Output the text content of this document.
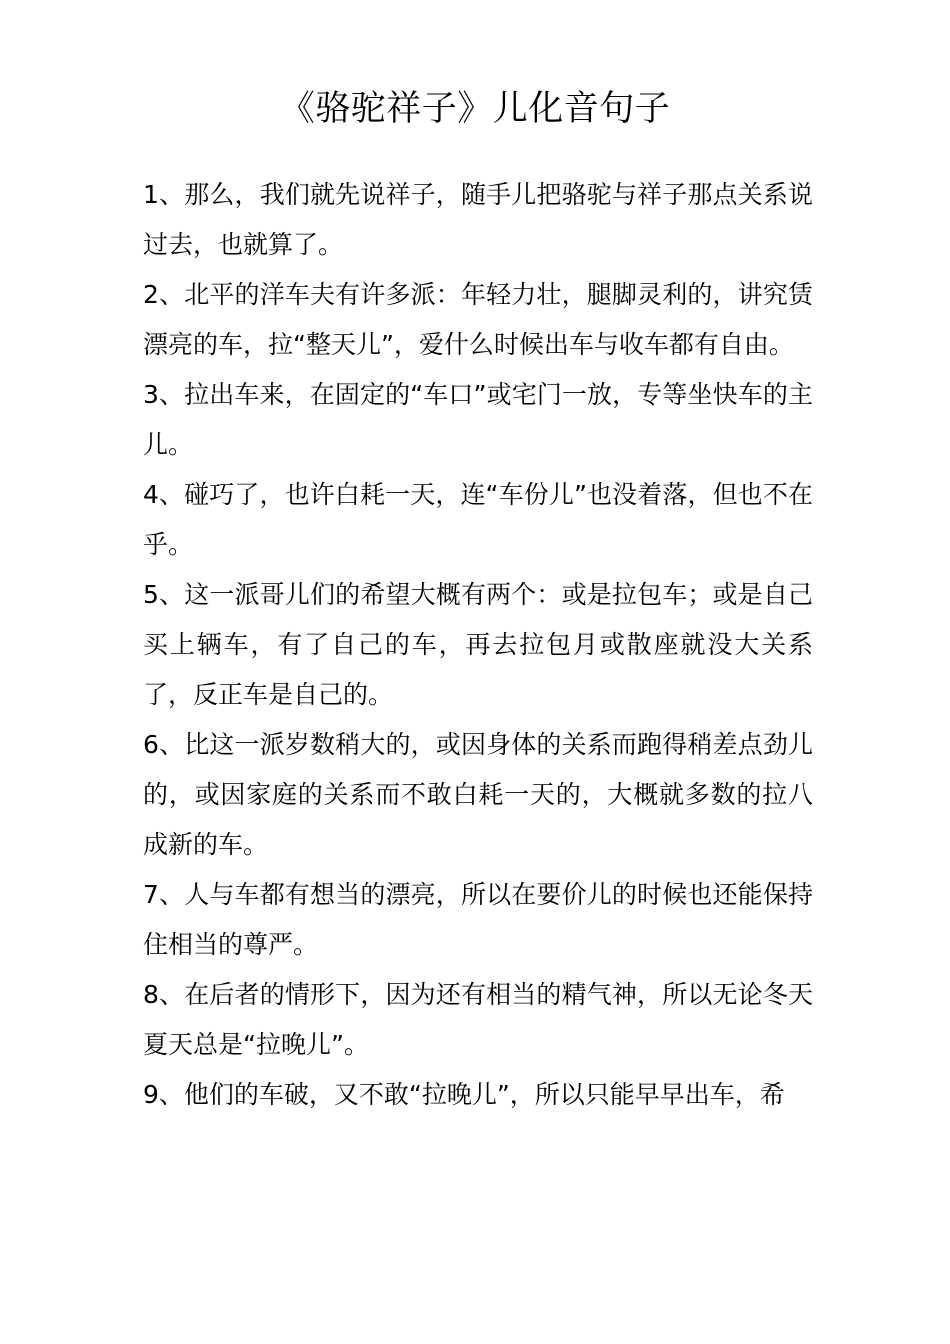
《骆驼祥子》儿化音句子

1、那么，我们就先说祥子，随手儿把骆驼与祥子那点关系说过去，也就算了。

2、北平的洋车夫有许多派：年轻力壮，腿脚灵利的，讲究赁漂亮的车，拉“整天儿”，爱什么时候出车与收车都有自由。

3、拉出车来，在固定的“车口”或宅门一放，专等坐快车的主儿。

4、碰巧了，也许白耗一天，连“车份儿”也没着落，但也不在乎。

5、这一派哥儿们的希望大概有两个：或是拉包车；或是自己买上辆车，有了自己的车，再去拉包月或散座就没大关系了，反正车是自己的。

6、比这一派岁数稍大的，或因身体的关系而跑得稍差点劲儿的，或因家庭的关系而不敢白耗一天的，大概就多数的拉八成新的车。

7、人与车都有想当的漂亮，所以在要价儿的时候也还能保持住相当的尊严。

8、在后者的情形下，因为还有相当的精气神，所以无论冬天夏天总是“拉晚儿”。

9、他们的车破，又不敢“拉晚儿”，所以只能早早出车，希
